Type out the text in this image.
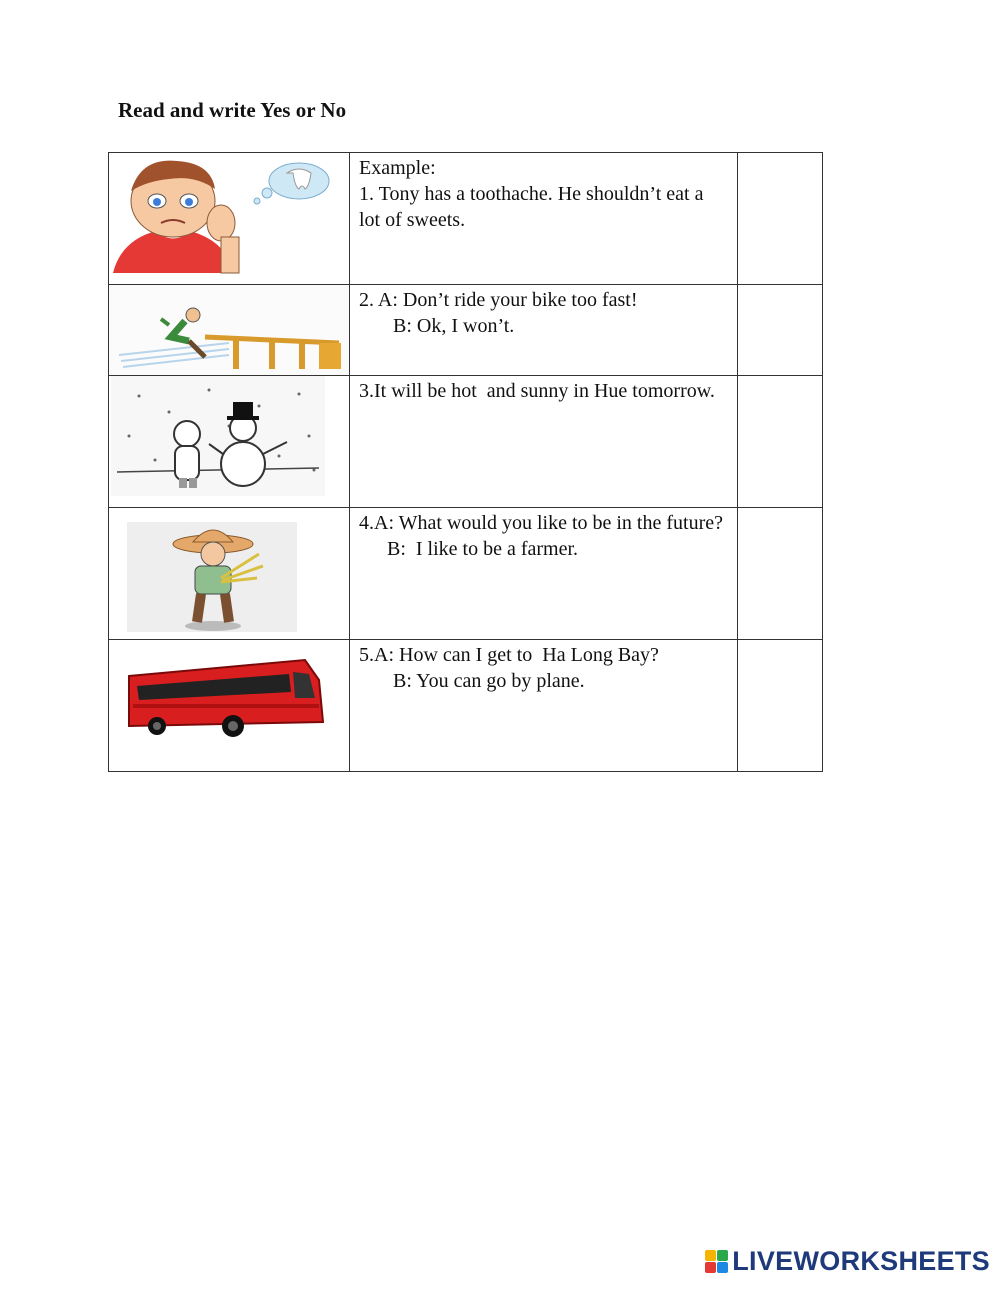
Read and write Yes or No

Example:
1. Tony has a toothache. He shouldn’t eat a lot of sweets.	

2. A: Don’t ride your bike too fast!
B: Ok, I won’t.	

3.It will be hot  and sunny in Hue tomorrow.	

4.A: What would you like to be in the future?
B:  I like to be a farmer.	

5.A: How can I get to  Ha Long Bay?
B: You can go by plane.	

LIVEWORKSHEETS
